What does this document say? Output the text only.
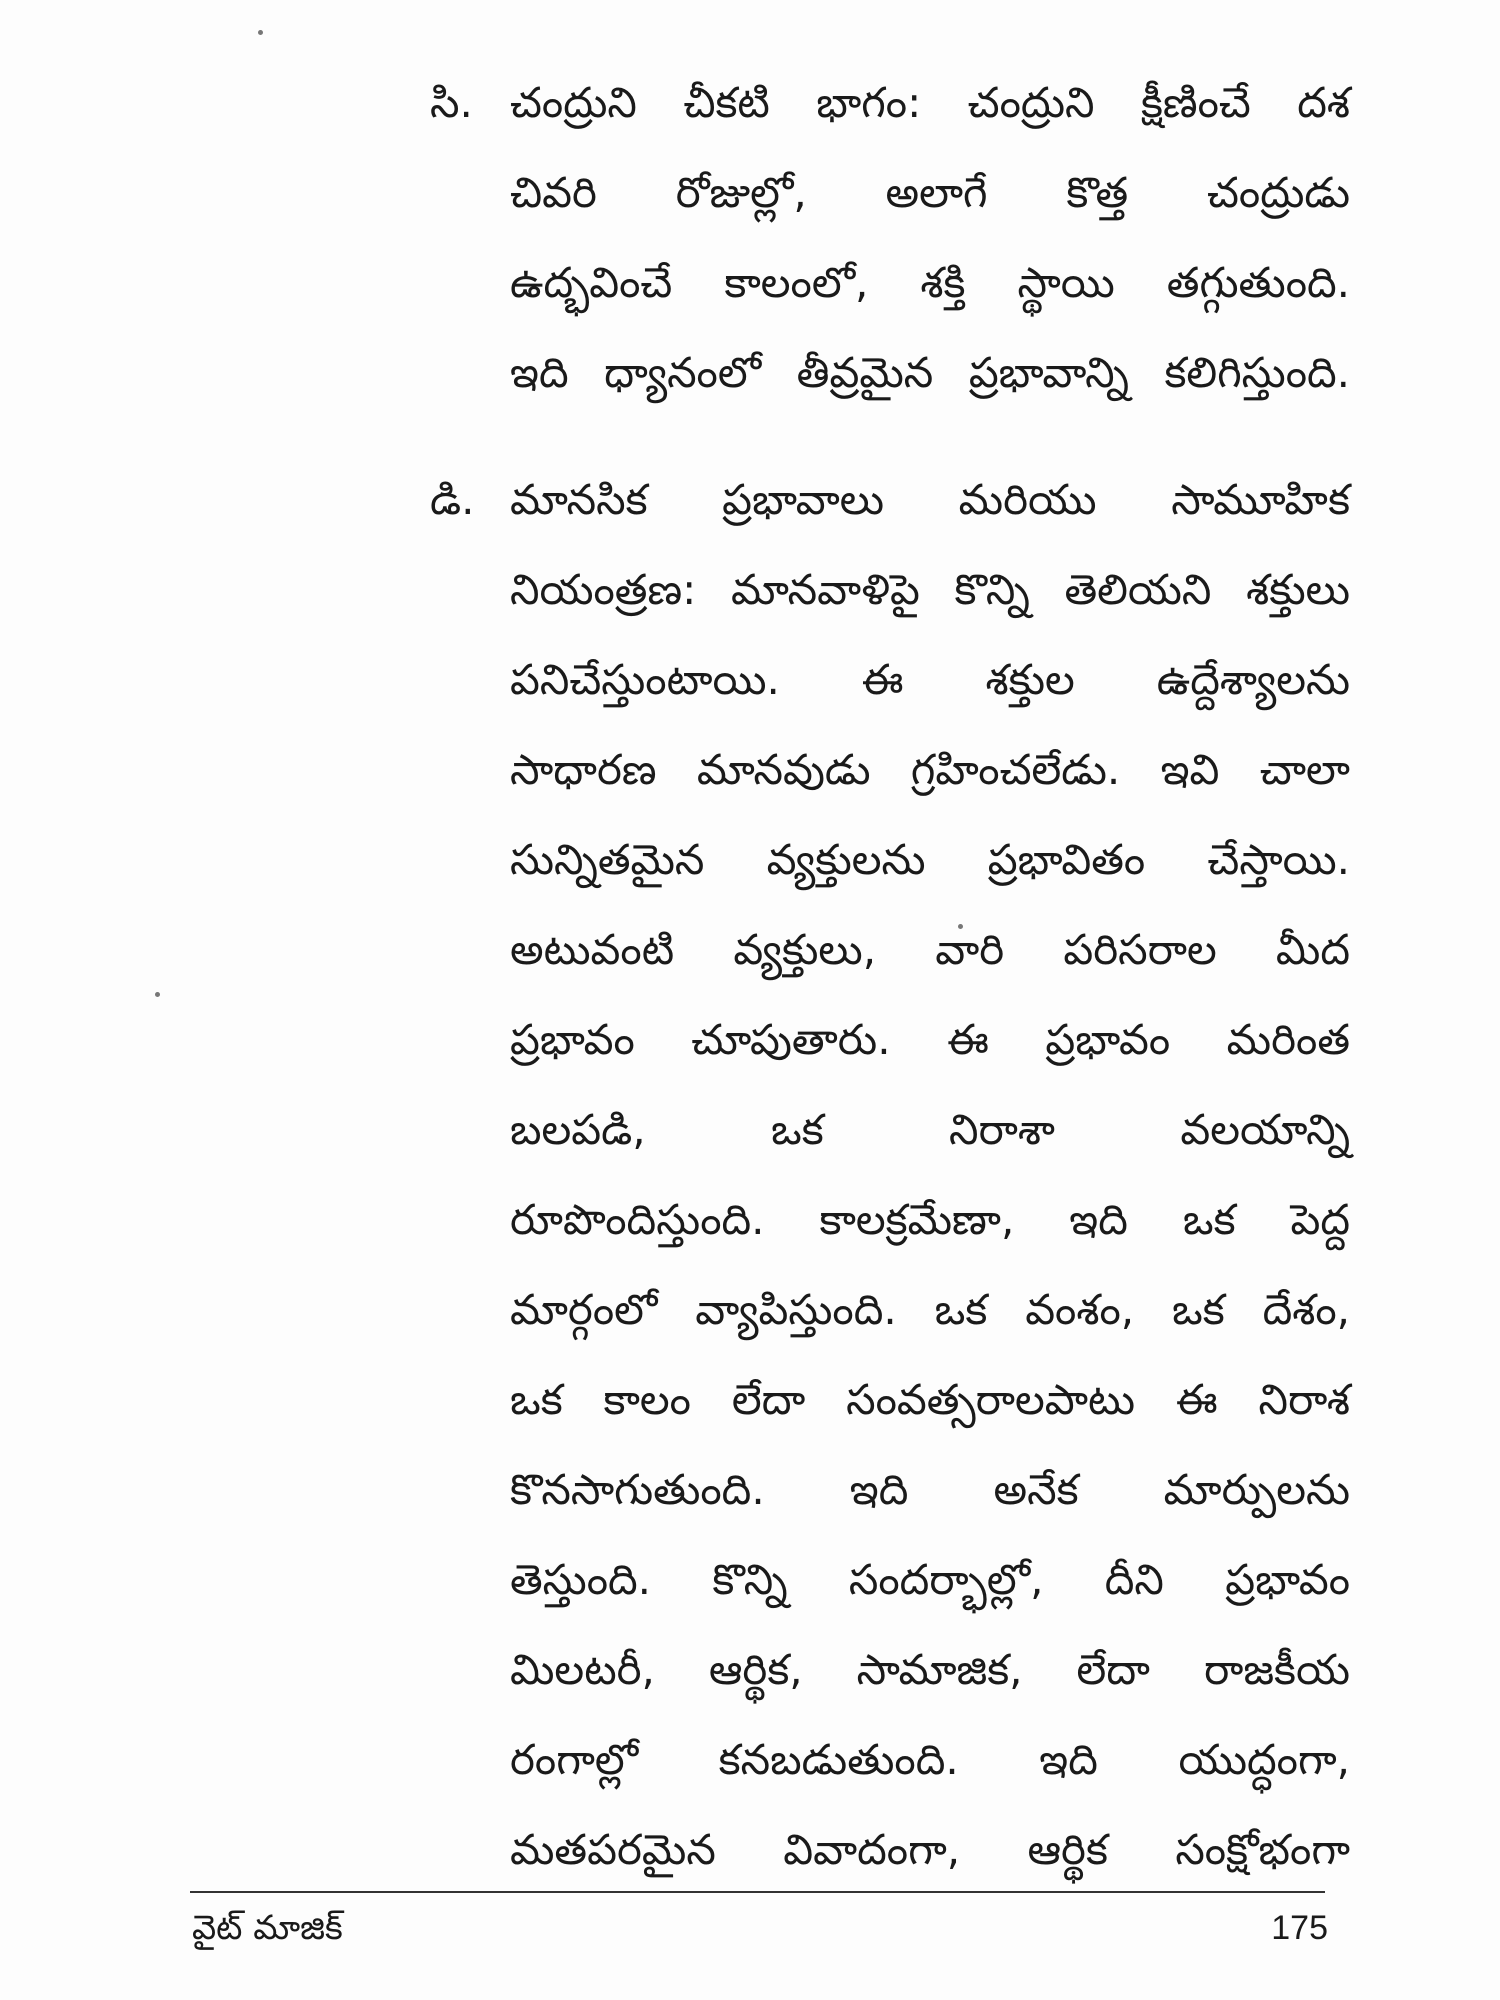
సి. చంద్రుని చీకటి భాగం: చంద్రుని క్షీణించే దశ
చివరి రోజుల్లో, అలాగే కొత్త చంద్రుడు
ఉద్భవించే కాలంలో, శక్తి స్థాయి తగ్గుతుంది.
ఇది ధ్యానంలో తీవ్రమైన ప్రభావాన్ని కలిగిస్తుంది.
డి. మానసిక ప్రభావాలు మరియు సామూహిక
నియంత్రణ: మానవాళిపై కొన్ని తెలియని శక్తులు
పనిచేస్తుంటాయి. ఈ శక్తుల ఉద్దేశ్యాలను
సాధారణ మానవుడు గ్రహించలేడు. ఇవి చాలా
సున్నితమైన వ్యక్తులను ప్రభావితం చేస్తాయి.
అటువంటి వ్యక్తులు, వారి పరిసరాల మీద
ప్రభావం చూపుతారు. ఈ ప్రభావం మరింత
బలపడి, ఒక నిరాశా వలయాన్ని
రూపొందిస్తుంది. కాలక్రమేణా, ఇది ఒక పెద్ద
మార్గంలో వ్యాపిస్తుంది. ఒక వంశం, ఒక దేశం,
ఒక కాలం లేదా సంవత్సరాలపాటు ఈ నిరాశ
కొనసాగుతుంది. ఇది అనేక మార్పులను
తెస్తుంది. కొన్ని సందర్భాల్లో, దీని ప్రభావం
మిలటరీ, ఆర్థిక, సామాజిక, లేదా రాజకీయ
రంగాల్లో కనబడుతుంది. ఇది యుద్ధంగా,
మతపరమైన వివాదంగా, ఆర్థిక సంక్షోభంగా
వైట్ మాజిక్	175
